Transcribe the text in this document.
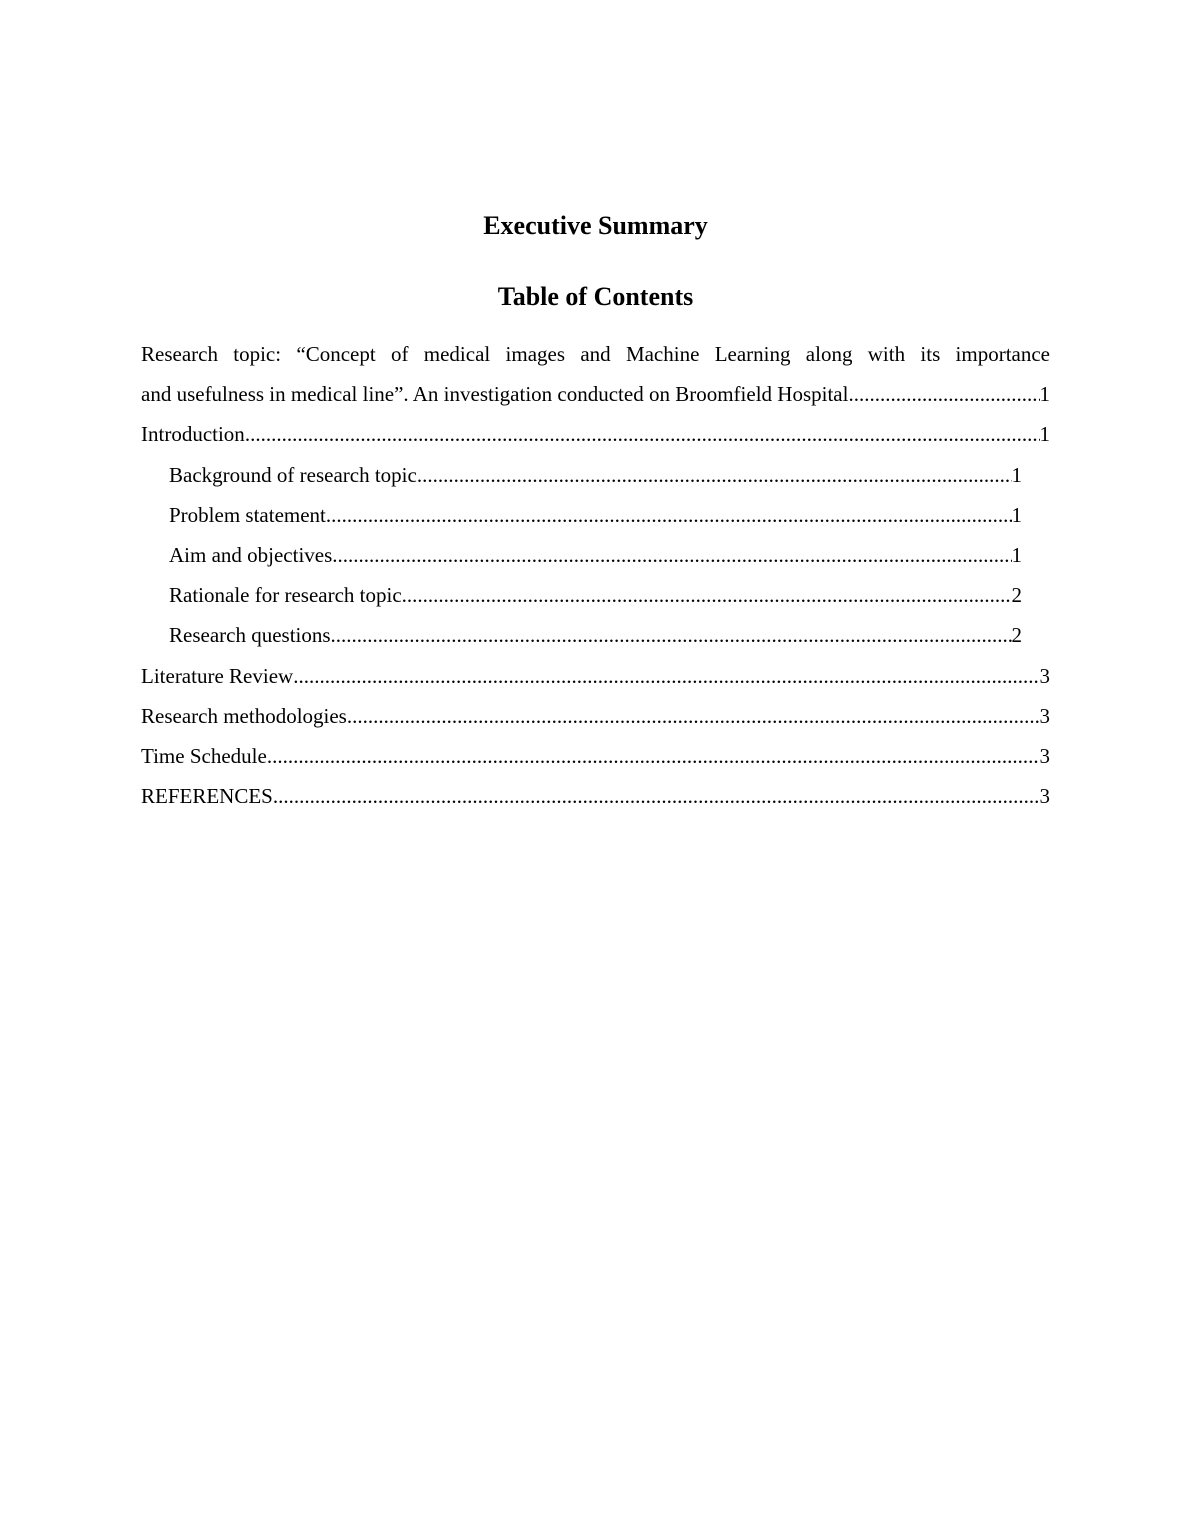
Executive Summary
Table of Contents
Research topic: “Concept of medical images and Machine Learning along with its importance
and usefulness in medical line”. An investigation conducted on Broomfield Hospital .....	1
Introduction .....	1
Background of research topic .....	1
Problem statement .....	1
Aim and objectives .....	1
Rationale for research topic .....	2
Research questions .....	2
Literature Review .....	3
Research methodologies .....	3
Time Schedule .....	3
REFERENCES .....	3
